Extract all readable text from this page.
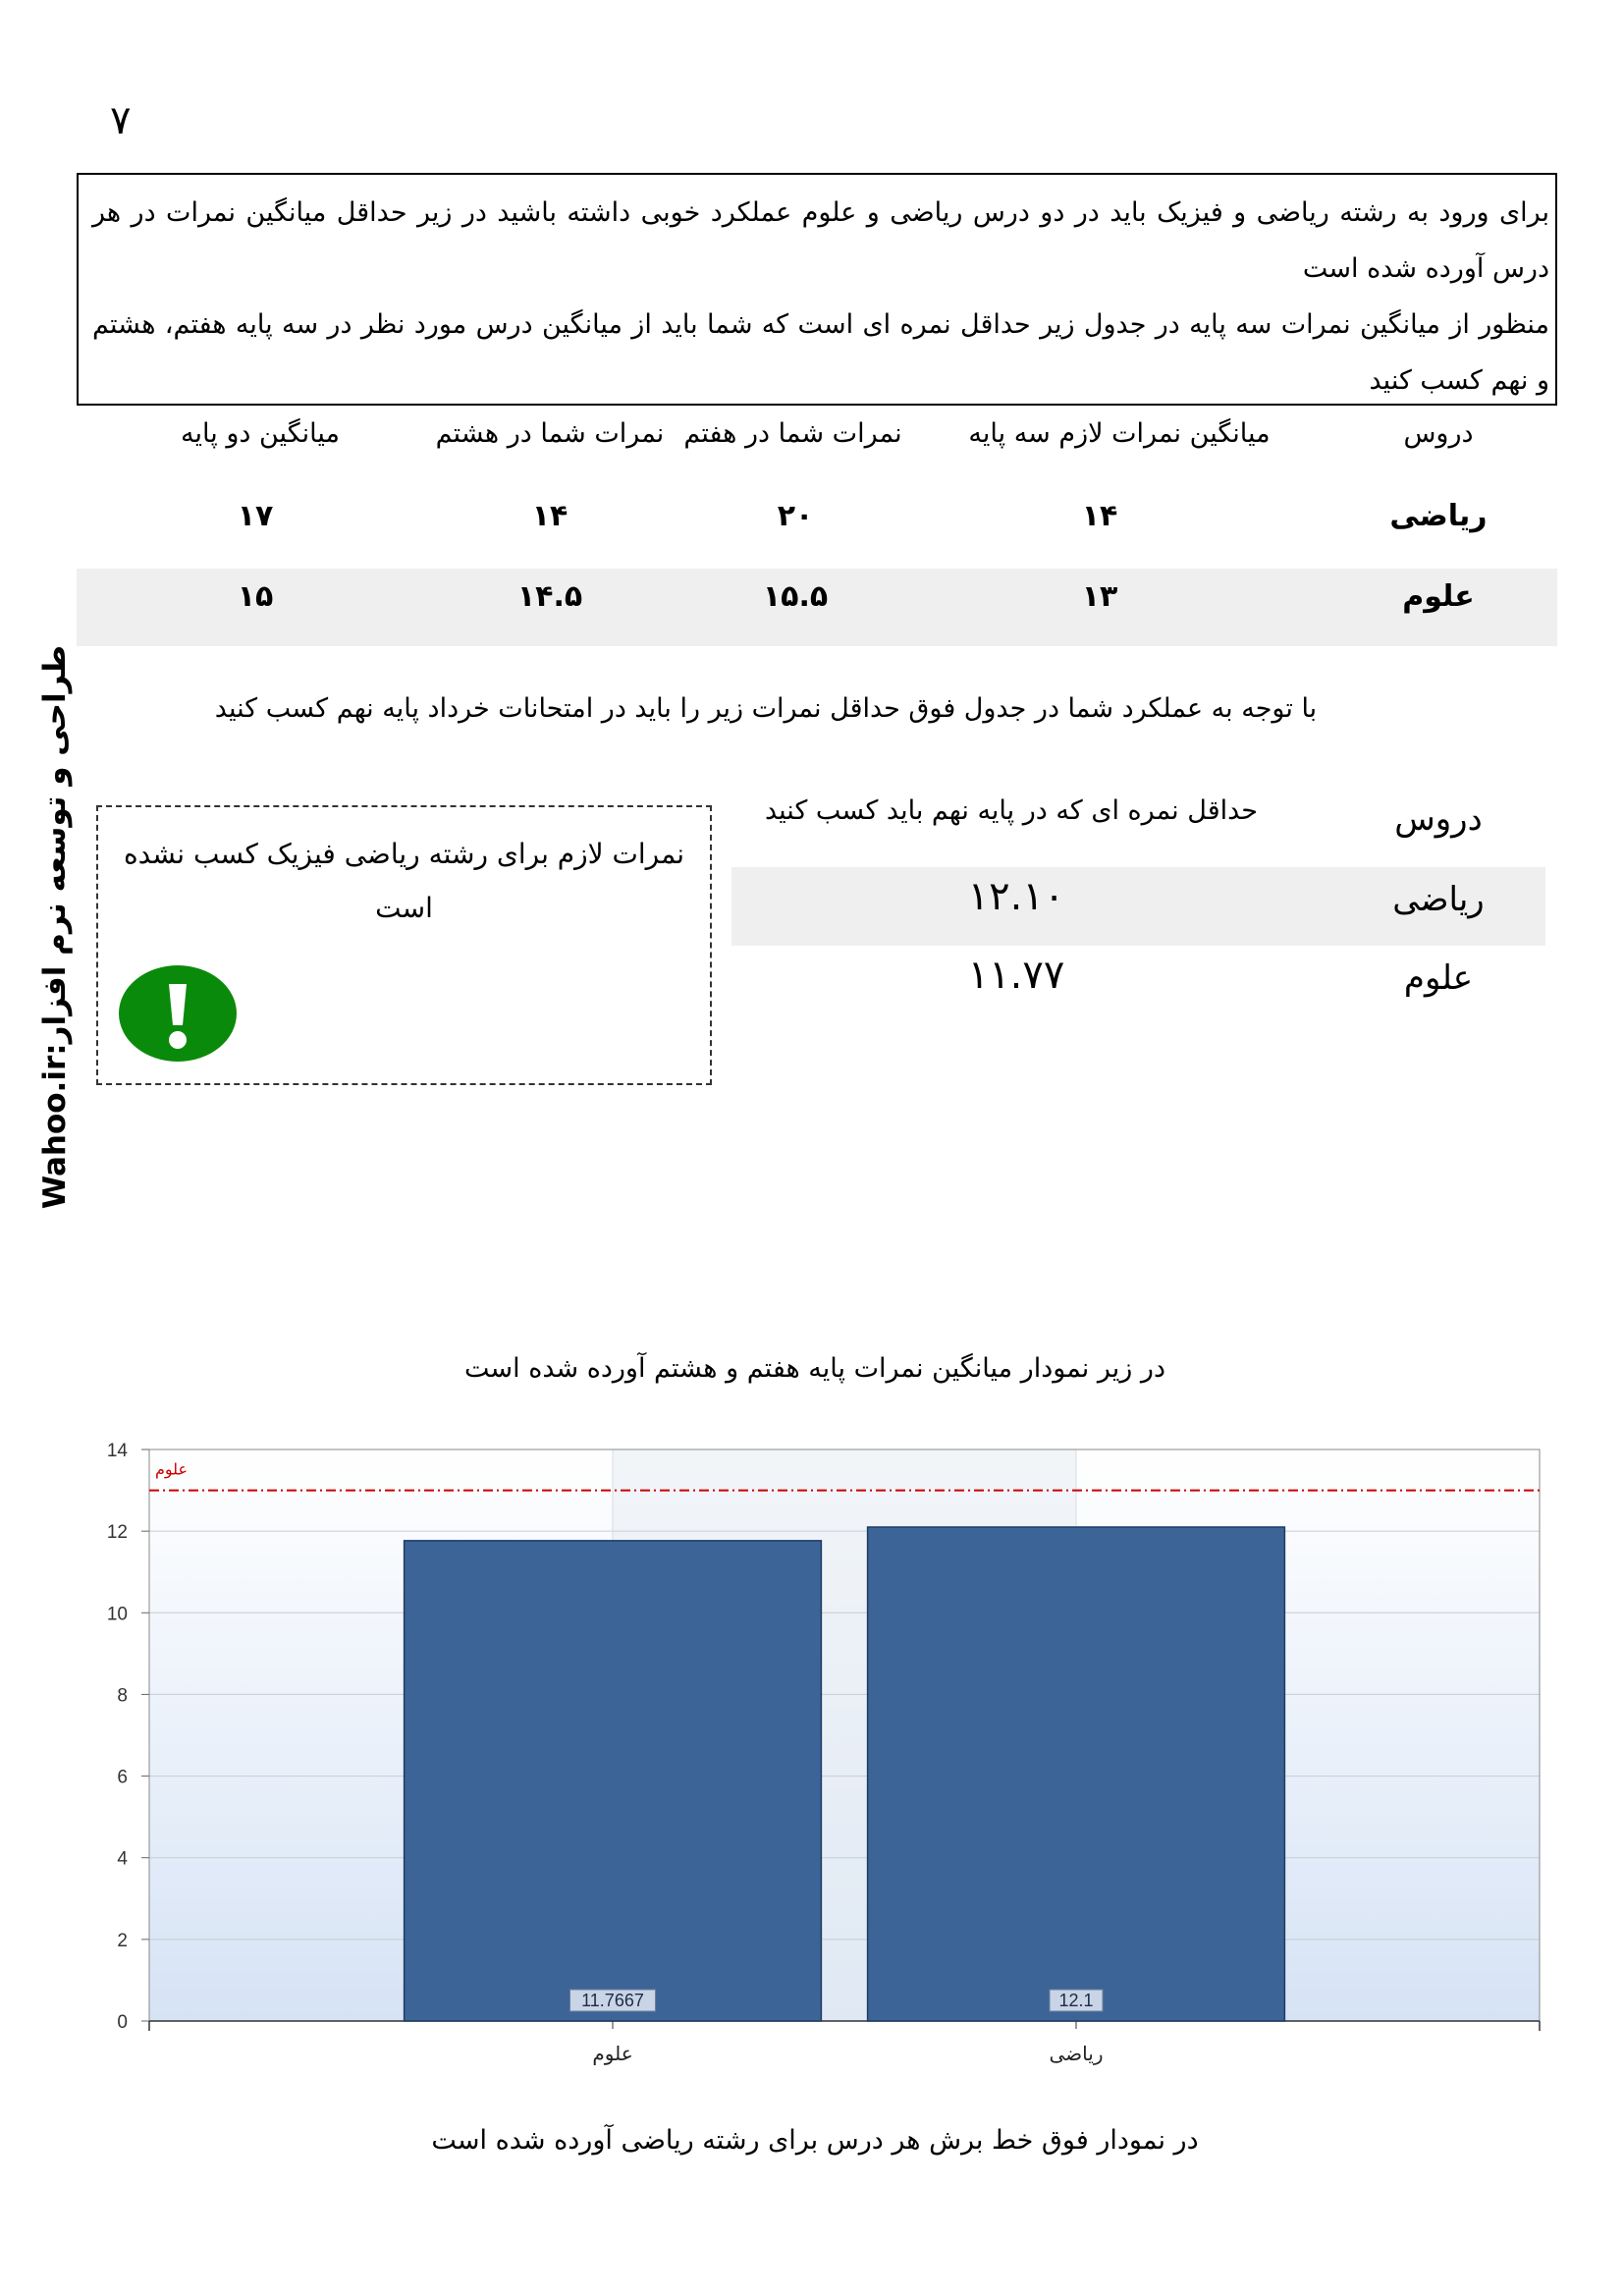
۷

برای ورود به رشته ریاضی و فیزیک باید در دو درس ریاضی و علوم عملکرد خوبی داشته باشید در زیر حداقل میانگین نمرات در هر درس آورده شده است

منظور از میانگین نمرات سه پایه در جدول زیر حداقل نمره ای است که شما باید از میانگین درس مورد نظر در سه پایه هفتم، هشتم و نهم کسب کنید

دروس
میانگین نمرات لازم سه پایه
نمرات شما در هفتم
نمرات شما در هشتم
میانگین دو پایه
ریاضی
۱۴
۲۰
۱۴
۱۷
علوم
۱۳
۱۵.۵
۱۴.۵
۱۵
با توجه به عملکرد شما در جدول فوق حداقل نمرات زیر را باید در امتحانات خرداد پایه نهم کسب کنید
طراحی و توسعه نرم افزار:Wahoo.ir	دروس
حداقل نمره ای که در پایه نهم باید کسب کنید
ریاضی
۱۲.۱۰
علوم
۱۱.۷۷
نمرات لازم برای رشته ریاضی فیزیک کسب نشده است
در زیر نمودار میانگین نمرات پایه هفتم و هشتم آورده شده است
0
2
4
6
8
10
12
14
11.7667
علوم
12.1
ریاضی
علوم
در نمودار فوق خط برش هر درس برای رشته ریاضی آورده شده است
